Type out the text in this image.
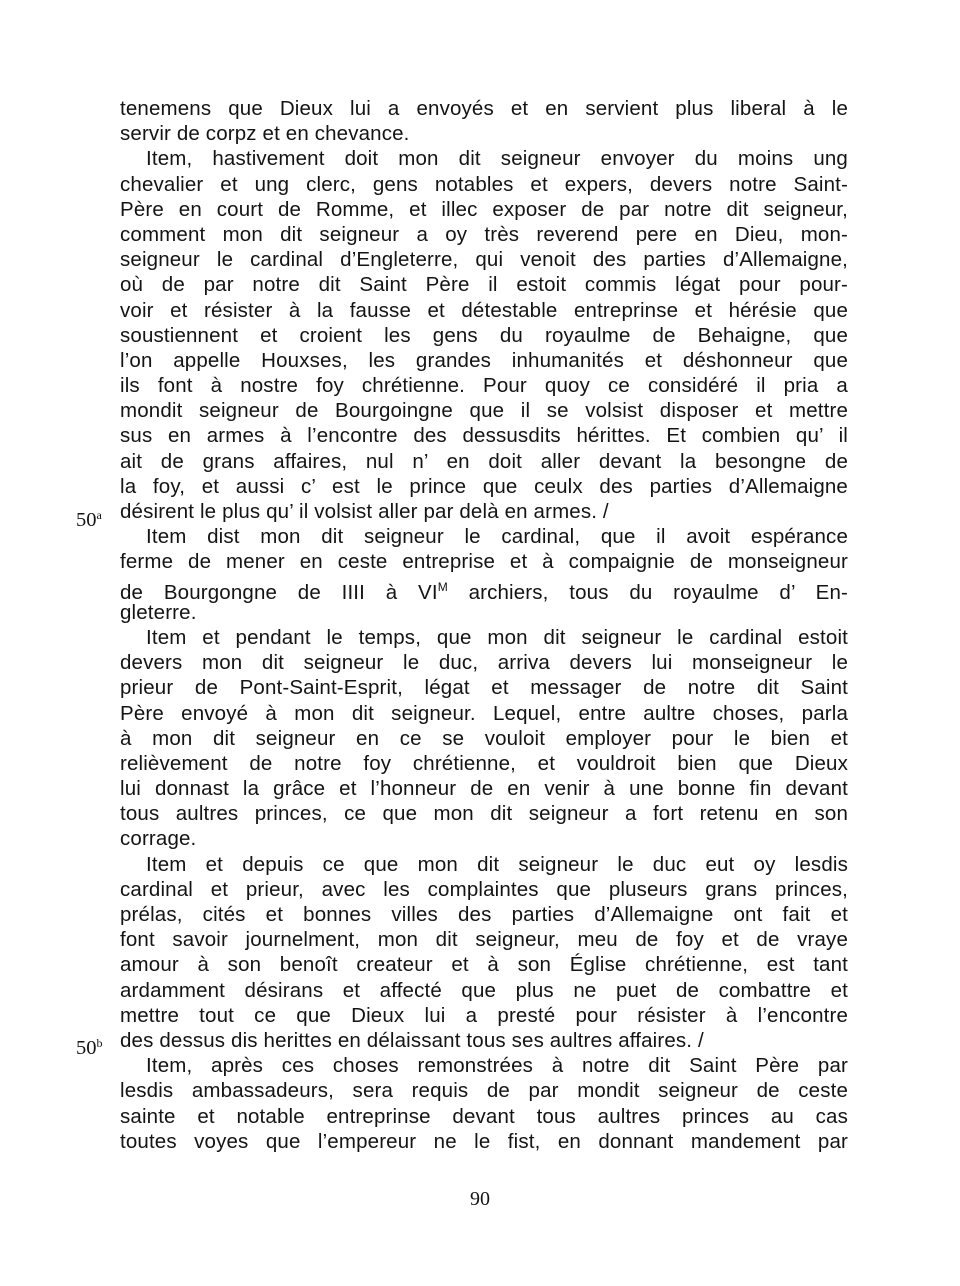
tenemens que Dieux lui a envoyés et en servient plus liberal à le
servir de corpz et en chevance.
Item, hastivement doit mon dit seigneur envoyer du moins ung
chevalier et ung clerc, gens notables et expers, devers notre Saint-
Père en court de Romme, et illec exposer de par notre dit seigneur,
comment mon dit seigneur a oy très reverend pere en Dieu, mon-
seigneur le cardinal d’Engleterre, qui venoit des parties d’Allemaigne,
où de par notre dit Saint Père il estoit commis légat pour pour-
voir et résister à la fausse et détestable entreprinse et hérésie que
soustiennent et croient les gens du royaulme de Behaigne, que
l’on appelle Houxses, les grandes inhumanités et déshonneur que
ils font à nostre foy chrétienne. Pour quoy ce considéré il pria a
mondit seigneur de Bourgoingne que il se volsist disposer et mettre
sus en armes à l’encontre des dessusdits hérittes. Et combien qu’ il
ait de grans affaires, nul n’ en doit aller devant la besongne de
la foy, et aussi c’ est le prince que ceulx des parties d’Allemaigne
désirent le plus qu’ il volsist aller par delà en armes. /
Item dist mon dit seigneur le cardinal, que il avoit espérance
ferme de mener en ceste entreprise et à compaignie de monseigneur
de Bourgongne de IIII à $VI^M$ archiers, tous du royaulme d’ En-
gleterre.
Item et pendant le temps, que mon dit seigneur le cardinal estoit
devers mon dit seigneur le duc, arriva devers lui monseigneur le
prieur de Pont-Saint-Esprit, légat et messager de notre dit Saint
Père envoyé à mon dit seigneur. Lequel, entre aultre choses, parla
à mon dit seigneur en ce se vouloit employer pour le bien et
relièvement de notre foy chrétienne, et vouldroit bien que Dieux
lui donnast la grâce et l’honneur de en venir à une bonne fin devant
tous aultres princes, ce que mon dit seigneur a fort retenu en son
corrage.
Item et depuis ce que mon dit seigneur le duc eut oy lesdis
cardinal et prieur, avec les complaintes que pluseurs grans princes,
prélas, cités et bonnes villes des parties d’Allemaigne ont fait et
font savoir journelment, mon dit seigneur, meu de foy et de vraye
amour à son benoît createur et à son Église chrétienne, est tant
ardamment désirans et affecté que plus ne puet de combattre et
mettre tout ce que Dieux lui a presté pour résister à l’encontre
des dessus dis herittes en délaissant tous ses aultres affaires. /
Item, après ces choses remonstrées à notre dit Saint Père par
lesdis ambassadeurs, sera requis de par mondit seigneur de ceste
sainte et notable entreprinse devant tous aultres princes au cas
toutes voyes que l’empereur ne le fist, en donnant mandement par
50$^a$
50$^b$
90
